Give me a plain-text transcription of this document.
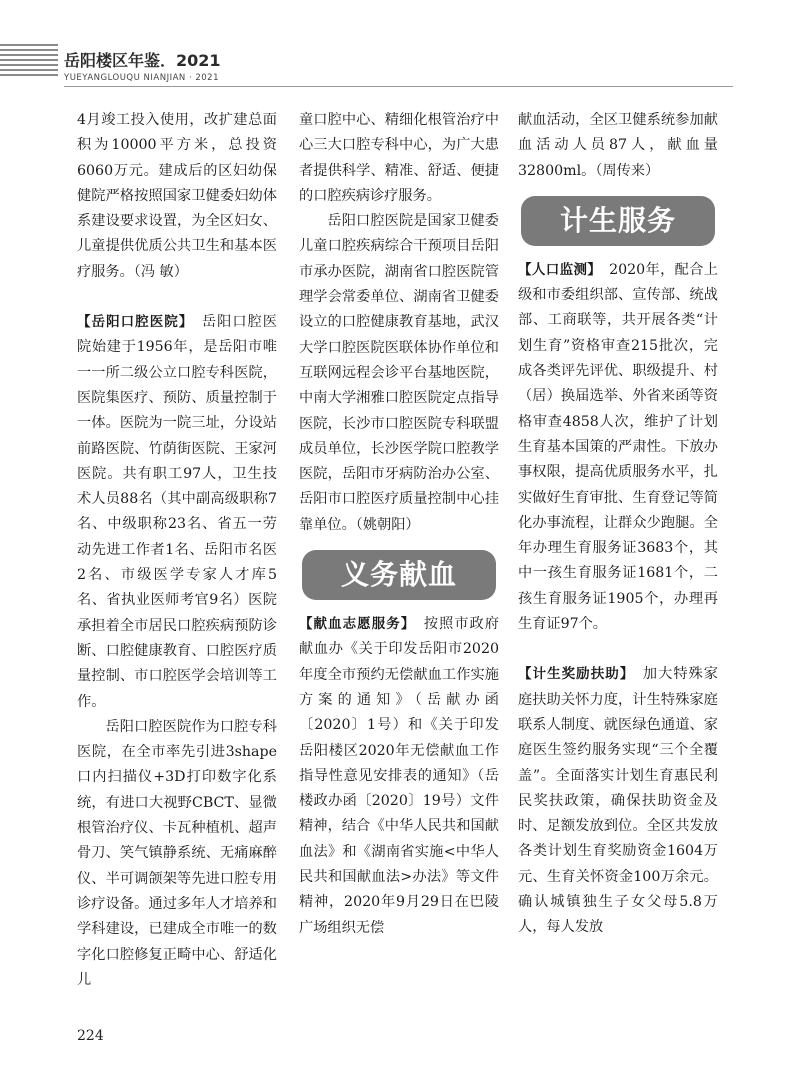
岳阳楼区年鉴．2021
YUEYANGLOUQU NIANJIAN · 2021

4月竣工投入使用，改扩建总面积为10000平方米，总投资6060万元。建成后的区妇幼保健院严格按照国家卫健委妇幼体系建设要求设置，为全区妇女、儿童提供优质公共卫生和基本医疗服务。（冯 敏）

【岳阳口腔医院】　 岳阳口腔医院始建于1956年，是岳阳市唯一一所二级公立口腔专科医院，医院集医疗、预防、质量控制于一体。医院为一院三址，分设站前路医院、竹荫街医院、王家河医院。共有职工97人，卫生技术人员88名（其中副高级职称7名、中级职称23名、省五一劳动先进工作者1名、岳阳市名医2名、市级医学专家人才库5名、省执业医师考官9名）医院承担着全市居民口腔疾病预防诊断、口腔健康教育、口腔医疗质量控制、市口腔医学会培训等工作。

岳阳口腔医院作为口腔专科医院，在全市率先引进3shape口内扫描仪+3D打印数字化系统，有进口大视野CBCT、显微根管治疗仪、卡瓦种植机、超声骨刀、笑气镇静系统、无痛麻醉仪、半可调颌架等先进口腔专用诊疗设备。通过多年人才培养和学科建设，已建成全市唯一的数字化口腔修复正畸中心、舒适化儿

童口腔中心、精细化根管治疗中心三大口腔专科中心，为广大患者提供科学、精准、舒适、便捷的口腔疾病诊疗服务。

岳阳口腔医院是国家卫健委儿童口腔疾病综合干预项目岳阳市承办医院，湖南省口腔医院管理学会常委单位、湖南省卫健委设立的口腔健康教育基地，武汉大学口腔医院医联体协作单位和互联网远程会诊平台基地医院，中南大学湘雅口腔医院定点指导医院，长沙市口腔医院专科联盟成员单位，长沙医学院口腔教学医院，岳阳市牙病防治办公室、岳阳市口腔医疗质量控制中心挂靠单位。（姚朝阳）

义务献血

【献血志愿服务】　 按照市政府献血办《关于印发岳阳市2020年度全市预约无偿献血工作实施方案的通知》（岳献办函〔2020〕1号）和《关于印发岳阳楼区2020年无偿献血工作指导性意见安排表的通知》（岳楼政办函〔2020〕19号）文件精神，结合《中华人民共和国献血法》和《湖南省实施<中华人民共和国献血法>办法》等文件精神，2020年9月29日在巴陵广场组织无偿

献血活动，全区卫健系统参加献血活动人员87人，献血量32800ml。（周传来）

计生服务

【人口监测】　 2020年，配合上级和市委组织部、宣传部、统战部、工商联等，共开展各类“计划生育”资格审查215批次，完成各类评先评优、职级提升、村（居）换届选举、外省来函等资格审查4858人次，维护了计划生育基本国策的严肃性。下放办事权限，提高优质服务水平，扎实做好生育审批、生育登记等简化办事流程，让群众少跑腿。全年办理生育服务证3683个，其中一孩生育服务证1681个，二孩生育服务证1905个，办理再生育证97个。

【计生奖励扶助】　 加大特殊家庭扶助关怀力度，计生特殊家庭联系人制度、就医绿色通道、家庭医生签约服务实现“三个全覆盖”。全面落实计划生育惠民利民奖扶政策，确保扶助资金及时、足额发放到位。全区共发放各类计划生育奖励资金1604万元、生育关怀资金100万余元。确认城镇独生子女父母5.8万人，每人发放

224
